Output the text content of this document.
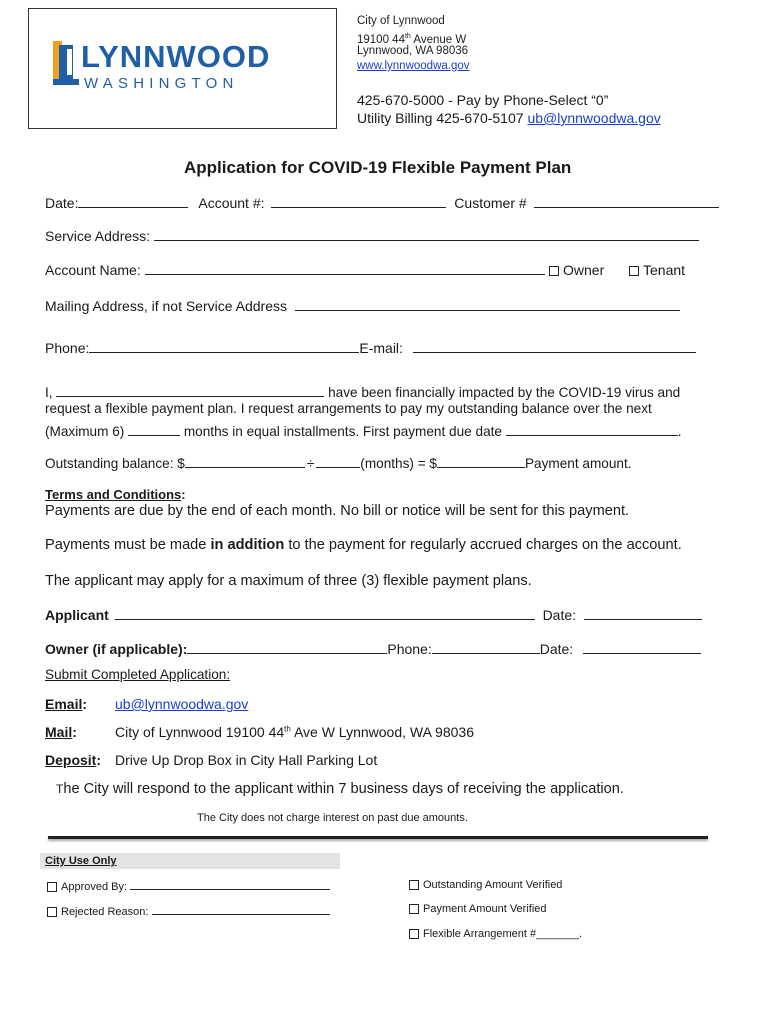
LYNNWOOD
WASHINGTON
City of Lynnwood
19100 44th Avenue W
Lynnwood, WA 98036
www.lynnwoodwa.gov
425-670-5000 - Pay by Phone-Select “0”
Utility Billing 425-670-5107 ub@lynnwoodwa.gov
Application for COVID-19 Flexible Payment Plan
Date:	Account #:	Customer #
Service Address:
Account Name:	Owner	Tenant
Mailing Address, if not Service Address
Phone:	E-mail:
I,	have been financially impacted by the COVID-19 virus and
request a flexible payment plan. I request arrangements to pay my outstanding balance over the next
(Maximum 6)	months in equal installments. First payment due date	.
Outstanding balance: $	÷	(months) = $	Payment amount.
Terms and Conditions:
Payments are due by the end of each month. No bill or notice will be sent for this payment.
Payments must be made in addition to the payment for regularly accrued charges on the account.
The applicant may apply for a maximum of three (3) flexible payment plans.
Applicant	Date:
Owner (if applicable):	Phone:	Date:
Submit Completed Application:
Email: ub@lynnwoodwa.gov
Mail:	City of Lynnwood 19100 44th Ave W Lynnwood, WA 98036
Deposit: Drive Up Drop Box in City Hall Parking Lot
The City will respond to the applicant within 7 business days of receiving the application.
The City does not charge interest on past due amounts.
City Use Only
Approved By:
Rejected Reason:
Outstanding Amount Verified
Payment Amount Verified
Flexible Arrangement #_______.
